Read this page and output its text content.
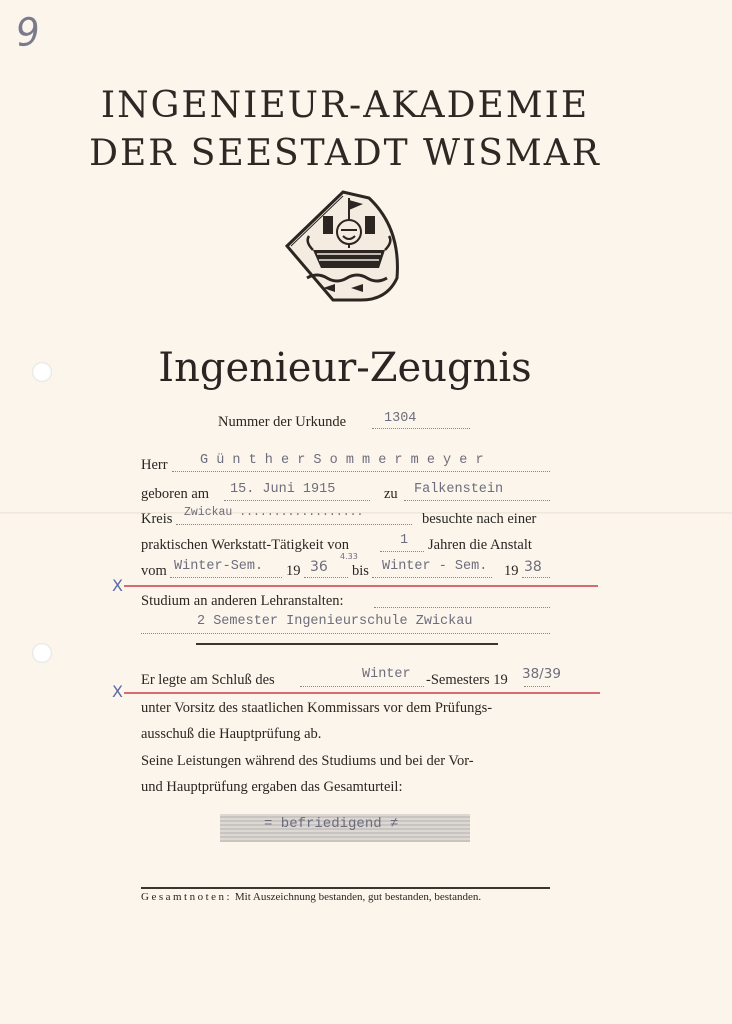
9
INGENIEUR-AKADEMIE
DER SEESTADT WISMAR
Ingenieur-Zeugnis
Nummer der Urkunde	1304
Herr G ü n t h e r S o m m e r m e y e r
geboren am 15. Juni 1915	zu Falkenstein
Kreis Zwickau ..................	besuchte nach einer
praktischen Werkstatt-Tätigkeit von	1 Jahren die Anstalt
vom Winter-Sem. 19 36
4.33
bis Winter - Sem. 19 38
X
Studium an anderen Lehranstalten:
2 Semester Ingenieurschule Zwickau
Er legte am Schluß des	Winter -Semesters 19 38/39
X
unter Vorsitz des staatlichen Kommissars vor dem Prüfungs-
ausschuß die Hauptprüfung ab.
Seine Leistungen während des Studiums und bei der Vor-
und Hauptprüfung ergaben das Gesamturteil:
= befriedigend ≠
Gesamtnoten: Mit Auszeichnung bestanden, gut bestanden, bestanden.
